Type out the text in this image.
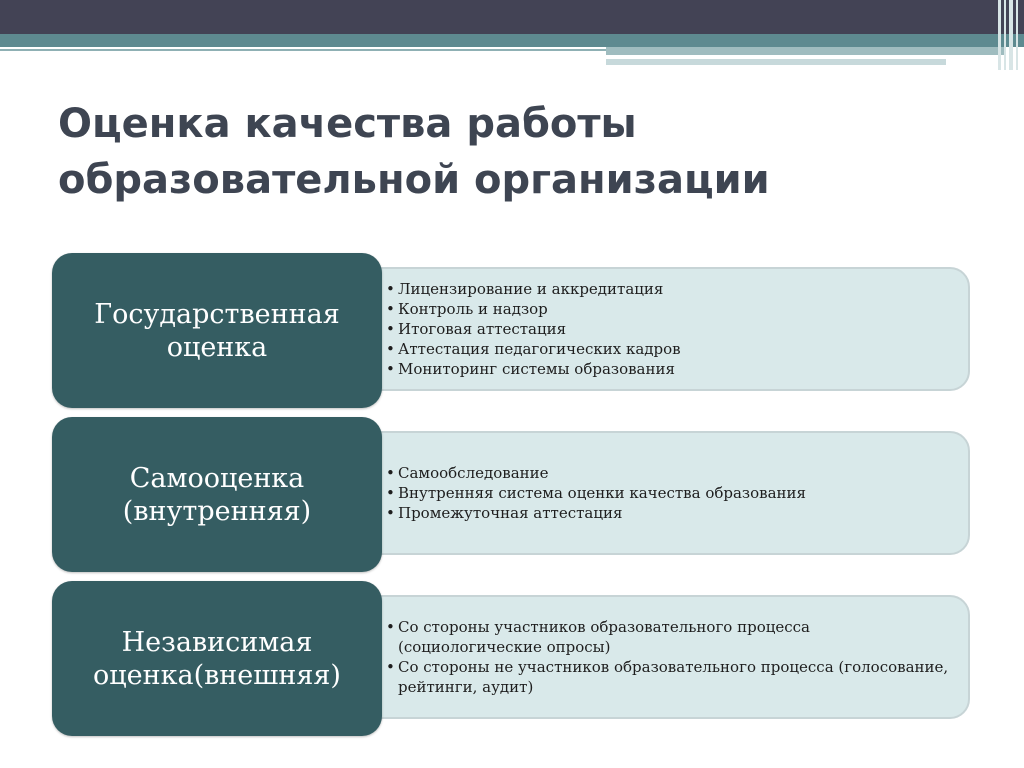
Оценка качества работы
образовательной организации
• Лицензирование и аккредитация
• Контроль и надзор
• Итоговая аттестация
• Аттестация педагогических кадров
• Мониторинг системы образования
Государственная
оценка
• Самообследование
• Внутренняя система оценки качества образования
• Промежуточная аттестация
Самооценка
(внутренняя)
• Со стороны участников образовательного процесса (социологические опросы)
• Со стороны не участников образовательного процесса (голосование, рейтинги, аудит)
Независимая
оценка(внешняя)
